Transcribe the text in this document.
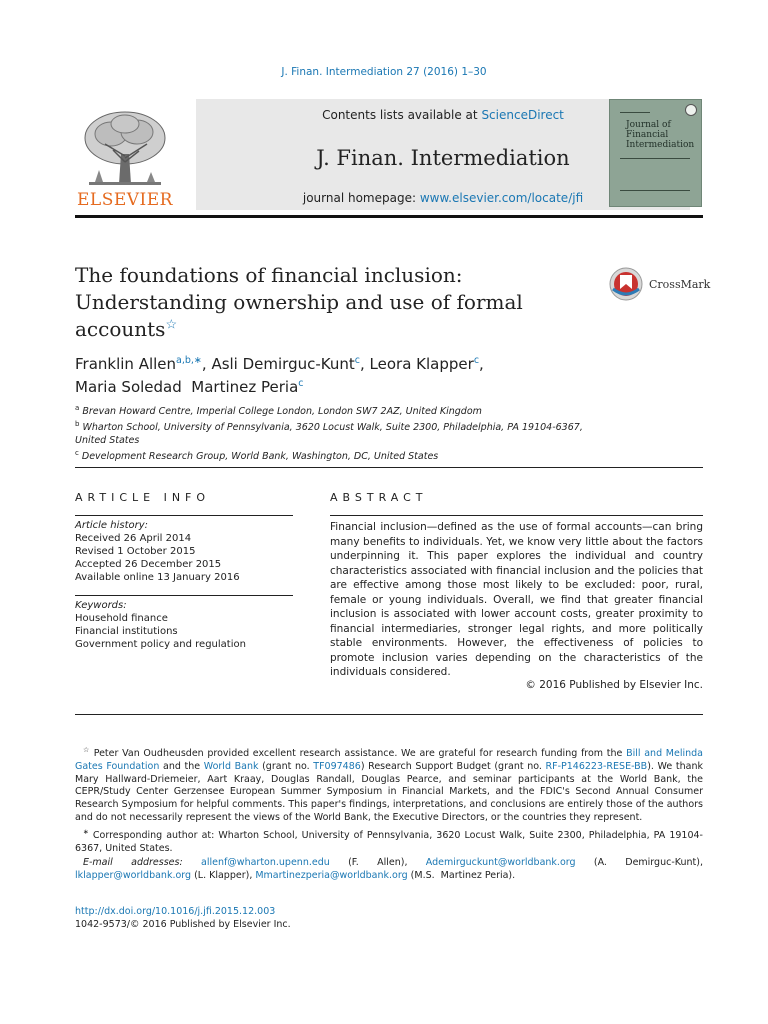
J. Finan. Intermediation 27 (2016) 1–30
ELSEVIER
Contents lists available at ScienceDirect
J. Finan. Intermediation
journal homepage: www.elsevier.com/locate/jfi
Journal of
Financial
Intermediation
The foundations of financial inclusion:
Understanding ownership and use of formal
accounts☆
CrossMark
Franklin Allen$^{a,b,∗}$, Asli Demirguc-Kunt$^c$, Leora Klapper$^c$,
Maria Soledad  Martinez Peria$^c$
$^a$ Brevan Howard Centre, Imperial College London, London SW7 2AZ, United Kingdom
$^b$ Wharton School, University of Pennsylvania, 3620 Locust Walk, Suite 2300, Philadelphia, PA 19104-6367, United States
$^c$ Development Research Group, World Bank, Washington, DC, United States
ARTICLE INFO	ABSTRACT
Article history:
Received 26 April 2014
Revised 1 October 2015
Accepted 26 December 2015
Available online 13 January 2016
Keywords:
Household finance
Financial institutions
Government policy and regulation
Financial inclusion—defined as the use of formal accounts—can bring many benefits to individuals. Yet, we know very little about the factors underpinning it. This paper explores the individual and country characteristics associated with financial inclusion and the policies that are effective among those most likely to be excluded: poor, rural, female or young individuals. Overall, we find that greater financial inclusion is associated with lower account costs, greater proximity to financial intermediaries, stronger legal rights, and more politically stable environments. However, the effectiveness of policies to promote inclusion varies depending on the characteristics of the individuals considered.
© 2016 Published by Elsevier Inc.

☆ Peter Van Oudheusden provided excellent research assistance. We are grateful for research funding from the Bill and Melinda Gates Foundation and the World Bank (grant no. TF097486) Research Support Budget (grant no. RF-P146223-RESE-BB). We thank Mary Hallward-Driemeier, Aart Kraay, Douglas Randall, Douglas Pearce, and seminar participants at the World Bank, the CEPR/Study Center Gerzensee European Summer Symposium in Financial Markets, and the FDIC's Second Annual Consumer Research Symposium for helpful comments. This paper's findings, interpretations, and conclusions are entirely those of the authors and do not necessarily represent the views of the World Bank, the Executive Directors, or the countries they represent.

∗ Corresponding author at: Wharton School, University of Pennsylvania, 3620 Locust Walk, Suite 2300, Philadelphia, PA 19104-6367, United States.

E-mail addresses: allenf@wharton.upenn.edu (F. Allen), Ademirguckunt@worldbank.org (A. Demirguc-Kunt), lklapper@worldbank.org (L. Klapper), Mmartinezperia@worldbank.org (M.S.  Martinez Peria).

http://dx.doi.org/10.1016/j.jfi.2015.12.003
1042-9573/© 2016 Published by Elsevier Inc.
